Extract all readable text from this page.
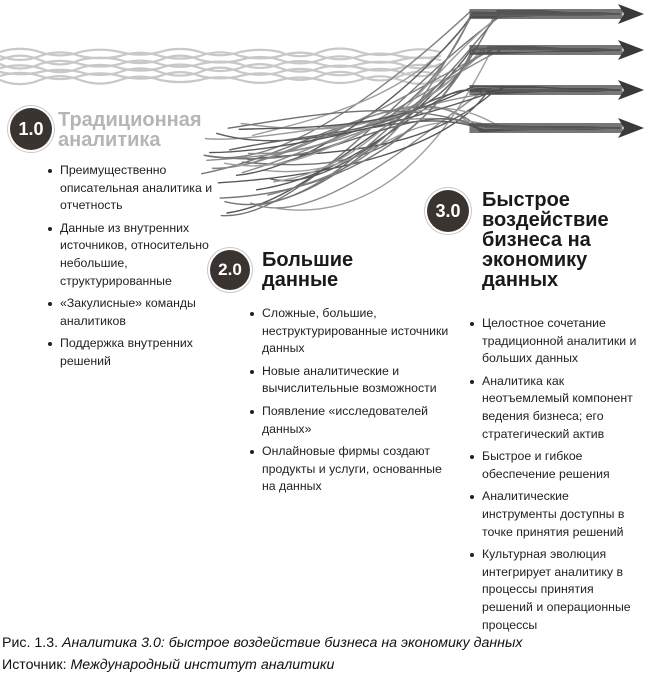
1.0 Традиционная аналитика
Преимущественно описательная аналитика и отчетность
Данные из внутренних источников, относительно небольшие, структурированные
«Закулисные» команды аналитиков
Поддержка внутренних решений
2.0	Большие данные
Сложные, большие, неструктурированные источники данных
Новые аналитические и вычислительные возможности
Появление «исследователей данных»
Онлайновые фирмы создают продукты и услуги, основанные на данных
3.0	Быстрое воздействие бизнеса на экономику данных
Целостное сочетание традиционной аналитики и больших данных
Аналитика как неотъемлемый компонент ведения бизнеса; его стратегический актив
Быстрое и гибкое обеспечение решения
Аналитические инструменты доступны в точке принятия решений
Культурная эволюция интегрирует аналитику в процессы принятия решений и операционные процессы
Рис. 1.3. Аналитика 3.0: быстрое воздействие бизнеса на экономику данных
Источник: Международный институт аналитики
